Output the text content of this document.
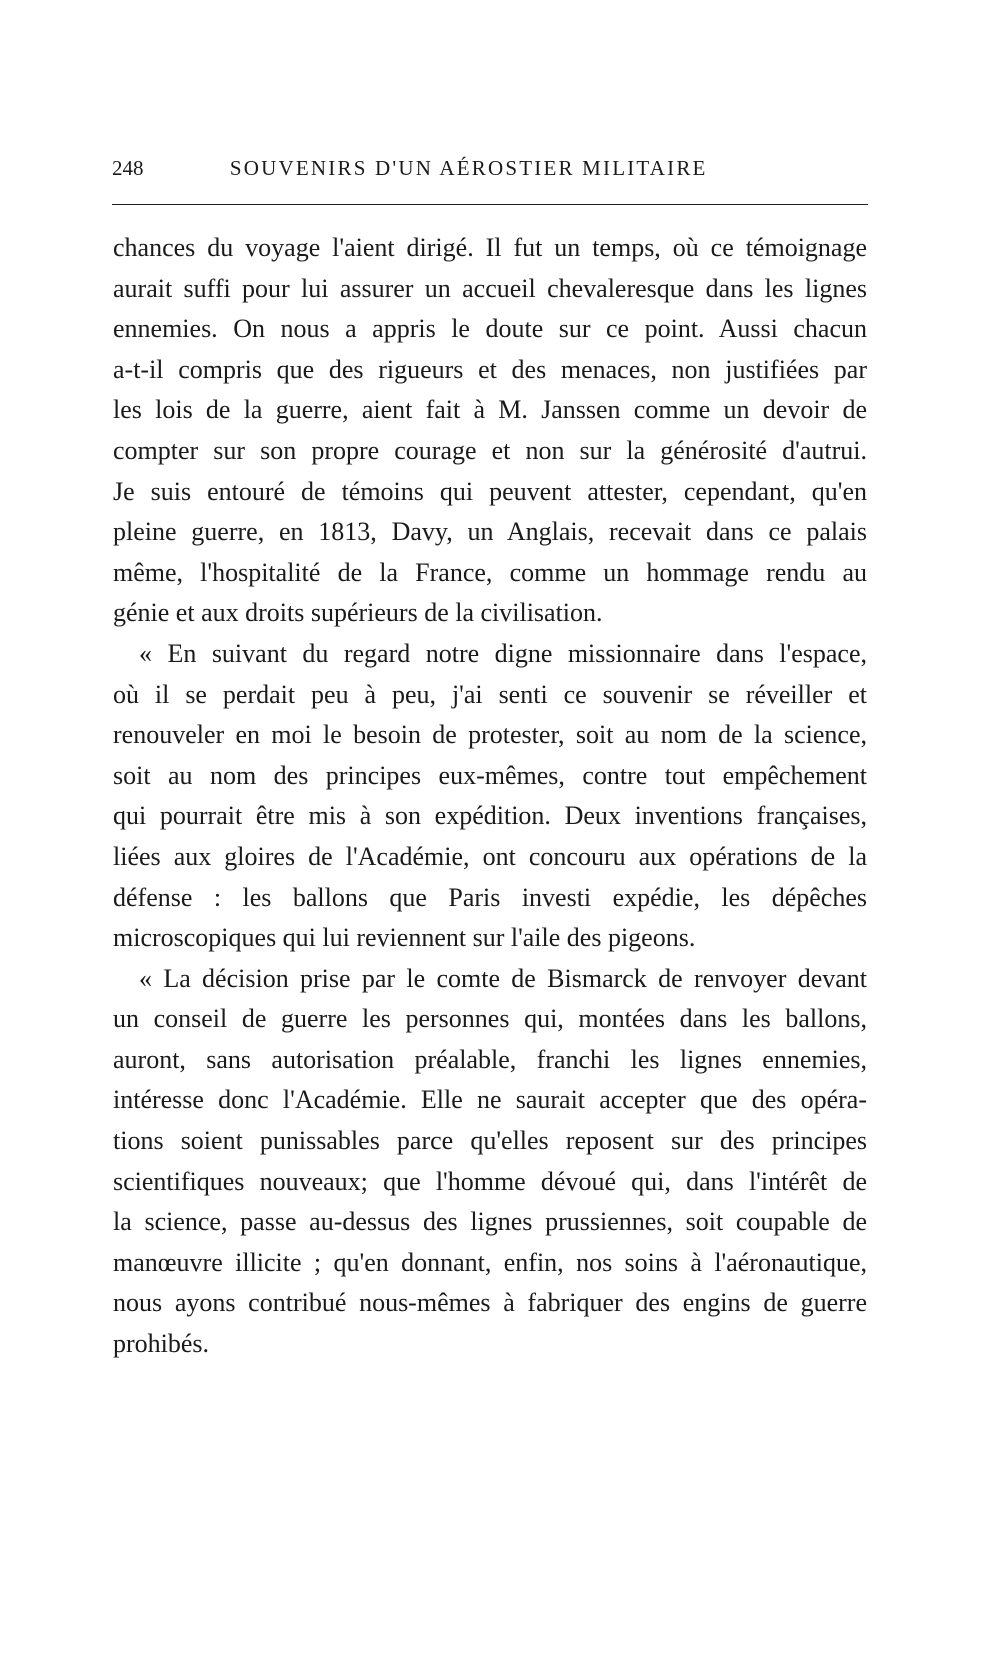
248	SOUVENIRS D'UN AÉROSTIER MILITAIRE
chances du voyage l'aient dirigé. Il fut un temps, où ce témoignage
aurait suffi pour lui assurer un accueil chevaleresque dans les lignes
ennemies. On nous a appris le doute sur ce point. Aussi chacun
a-t-il compris que des rigueurs et des menaces, non justifiées par
les lois de la guerre, aient fait à M. Janssen comme un devoir de
compter sur son propre courage et non sur la générosité d'autrui.
Je suis entouré de témoins qui peuvent attester, cependant, qu'en
pleine guerre, en 1813, Davy, un Anglais, recevait dans ce palais
même, l'hospitalité de la France, comme un hommage rendu au
génie et aux droits supérieurs de la civilisation.
« En suivant du regard notre digne missionnaire dans l'espace,
où il se perdait peu à peu, j'ai senti ce souvenir se réveiller et
renouveler en moi le besoin de protester, soit au nom de la science,
soit au nom des principes eux-mêmes, contre tout empêchement
qui pourrait être mis à son expédition. Deux inventions françaises,
liées aux gloires de l'Académie, ont concouru aux opérations de la
défense : les ballons que Paris investi expédie, les dépêches
microscopiques qui lui reviennent sur l'aile des pigeons.
« La décision prise par le comte de Bismarck de renvoyer devant
un conseil de guerre les personnes qui, montées dans les ballons,
auront, sans autorisation préalable, franchi les lignes ennemies,
intéresse donc l'Académie. Elle ne saurait accepter que des opéra-
tions soient punissables parce qu'elles reposent sur des principes
scientifiques nouveaux; que l'homme dévoué qui, dans l'intérêt de
la science, passe au-dessus des lignes prussiennes, soit coupable de
manœuvre illicite ; qu'en donnant, enfin, nos soins à l'aéronautique,
nous ayons contribué nous-mêmes à fabriquer des engins de guerre
prohibés.
